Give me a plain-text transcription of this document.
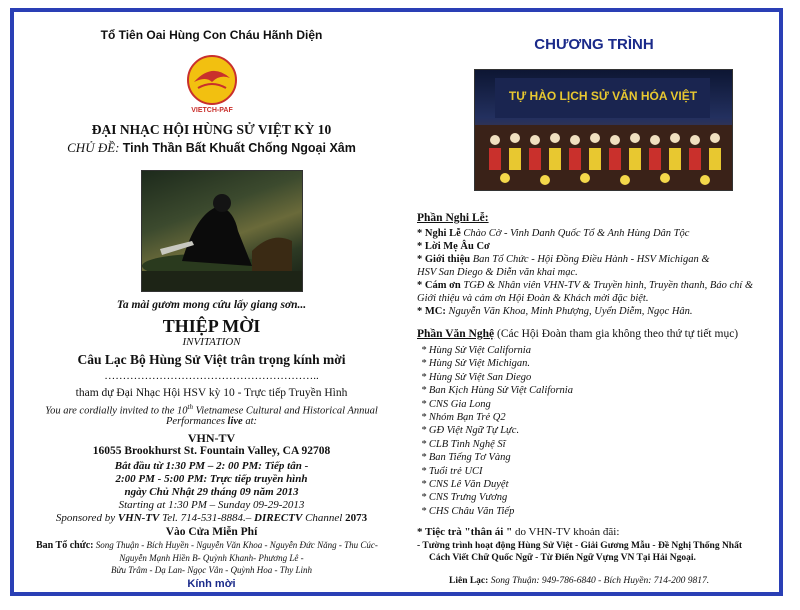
Tổ Tiên Oai Hùng Con Cháu Hãnh Diện
VIETCH-PAF
ĐẠI NHẠC HỘI HÙNG SỬ VIỆT KỲ 10
CHỦ ĐỀ: Tinh Thần Bất Khuất Chống Ngoại Xâm
Ta mài gươm mong cứu lấy giang sơn...
THIỆP MỜI
INVITATION
Câu Lạc Bộ Hùng Sử Việt trân trọng kính mời
…………………………………………………..
tham dự Đại Nhạc Hội HSV kỳ 10 - Trực tiếp Truyền Hình
You are cordially invited to the 10th Vietnamese Cultural and Historical Annual
Performances live at:
VHN-TV
16055 Brookhurst St. Fountain Valley, CA 92708
Bắt đầu từ 1:30 PM – 2: 00 PM: Tiếp tân -
2:00 PM - 5:00 PM: Trực tiếp truyền hình
ngày Chủ Nhật 29 tháng 09 năm 2013
Starting at 1:30 PM – Sunday 09-29-2013
Sponsored by VHN-TV Tel. 714-531-8884.– DIRECTV Channel 2073
Vào Cửa Miễn Phí
Ban Tổ chức: Song Thuận - Bích Huyền - Nguyễn Văn Khoa - Nguyễn Đức Năng - Thu Cúc-
Nguyễn Mạnh Hiền B- Quỳnh Khanh- Phương Lê -
Bửu Trâm - Dạ Lan- Ngọc Vân - Quỳnh Hoa - Thy Linh
Kính mời
CHƯƠNG TRÌNH
TỰ HÀO LỊCH SỬ VĂN HÓA VIỆT
Phần Nghi Lễ:
* Nghi Lễ Chào Cờ - Vinh Danh Quốc Tổ & Anh Hùng Dân Tộc
* Lời Mẹ Âu Cơ
* Giới thiệu Ban Tổ Chức - Hội Đồng Điều Hành - HSV Michigan &
HSV San Diego & Diễn văn khai mạc.
* Cám ơn TGĐ & Nhân viên VHN-TV & Truyền hình, Truyền thanh, Báo chí &
Giới thiệu và cảm ơn Hội Đoàn & Khách mời đặc biệt.
* MC: Nguyễn Văn Khoa, Minh Phượng, Uyển Diễm, Ngọc Hân.
Phần Văn Nghệ (Các Hội Đoàn tham gia không theo thứ tự tiết mục)
* Hùng Sử Việt California
* Hùng Sử Việt Michigan.
* Hùng Sử Việt San Diego
* Ban Kịch Hùng Sử Việt California
* CNS Gia Long
* Nhóm Bạn Trẻ Q2
* GĐ Việt Ngữ Tự Lực.
* CLB Tình Nghệ Sĩ
* Ban Tiếng Tơ Vàng
* Tuổi trẻ UCI
* CNS Lê Văn Duyệt
* CNS Trưng Vương
* CHS Châu Văn Tiếp
* Tiệc trà "thân ái " do VHN-TV khoản đãi:
- Tường trình hoạt động Hùng Sử Việt - Giải Gương Mẫu - Đề Nghị Thống Nhất
Cách Viết Chữ Quốc Ngữ - Từ Điển Ngữ Vựng VN Tại Hải Ngoại.
Liên Lạc: Song Thuận: 949-786-6840 - Bích Huyền: 714-200 9817.
